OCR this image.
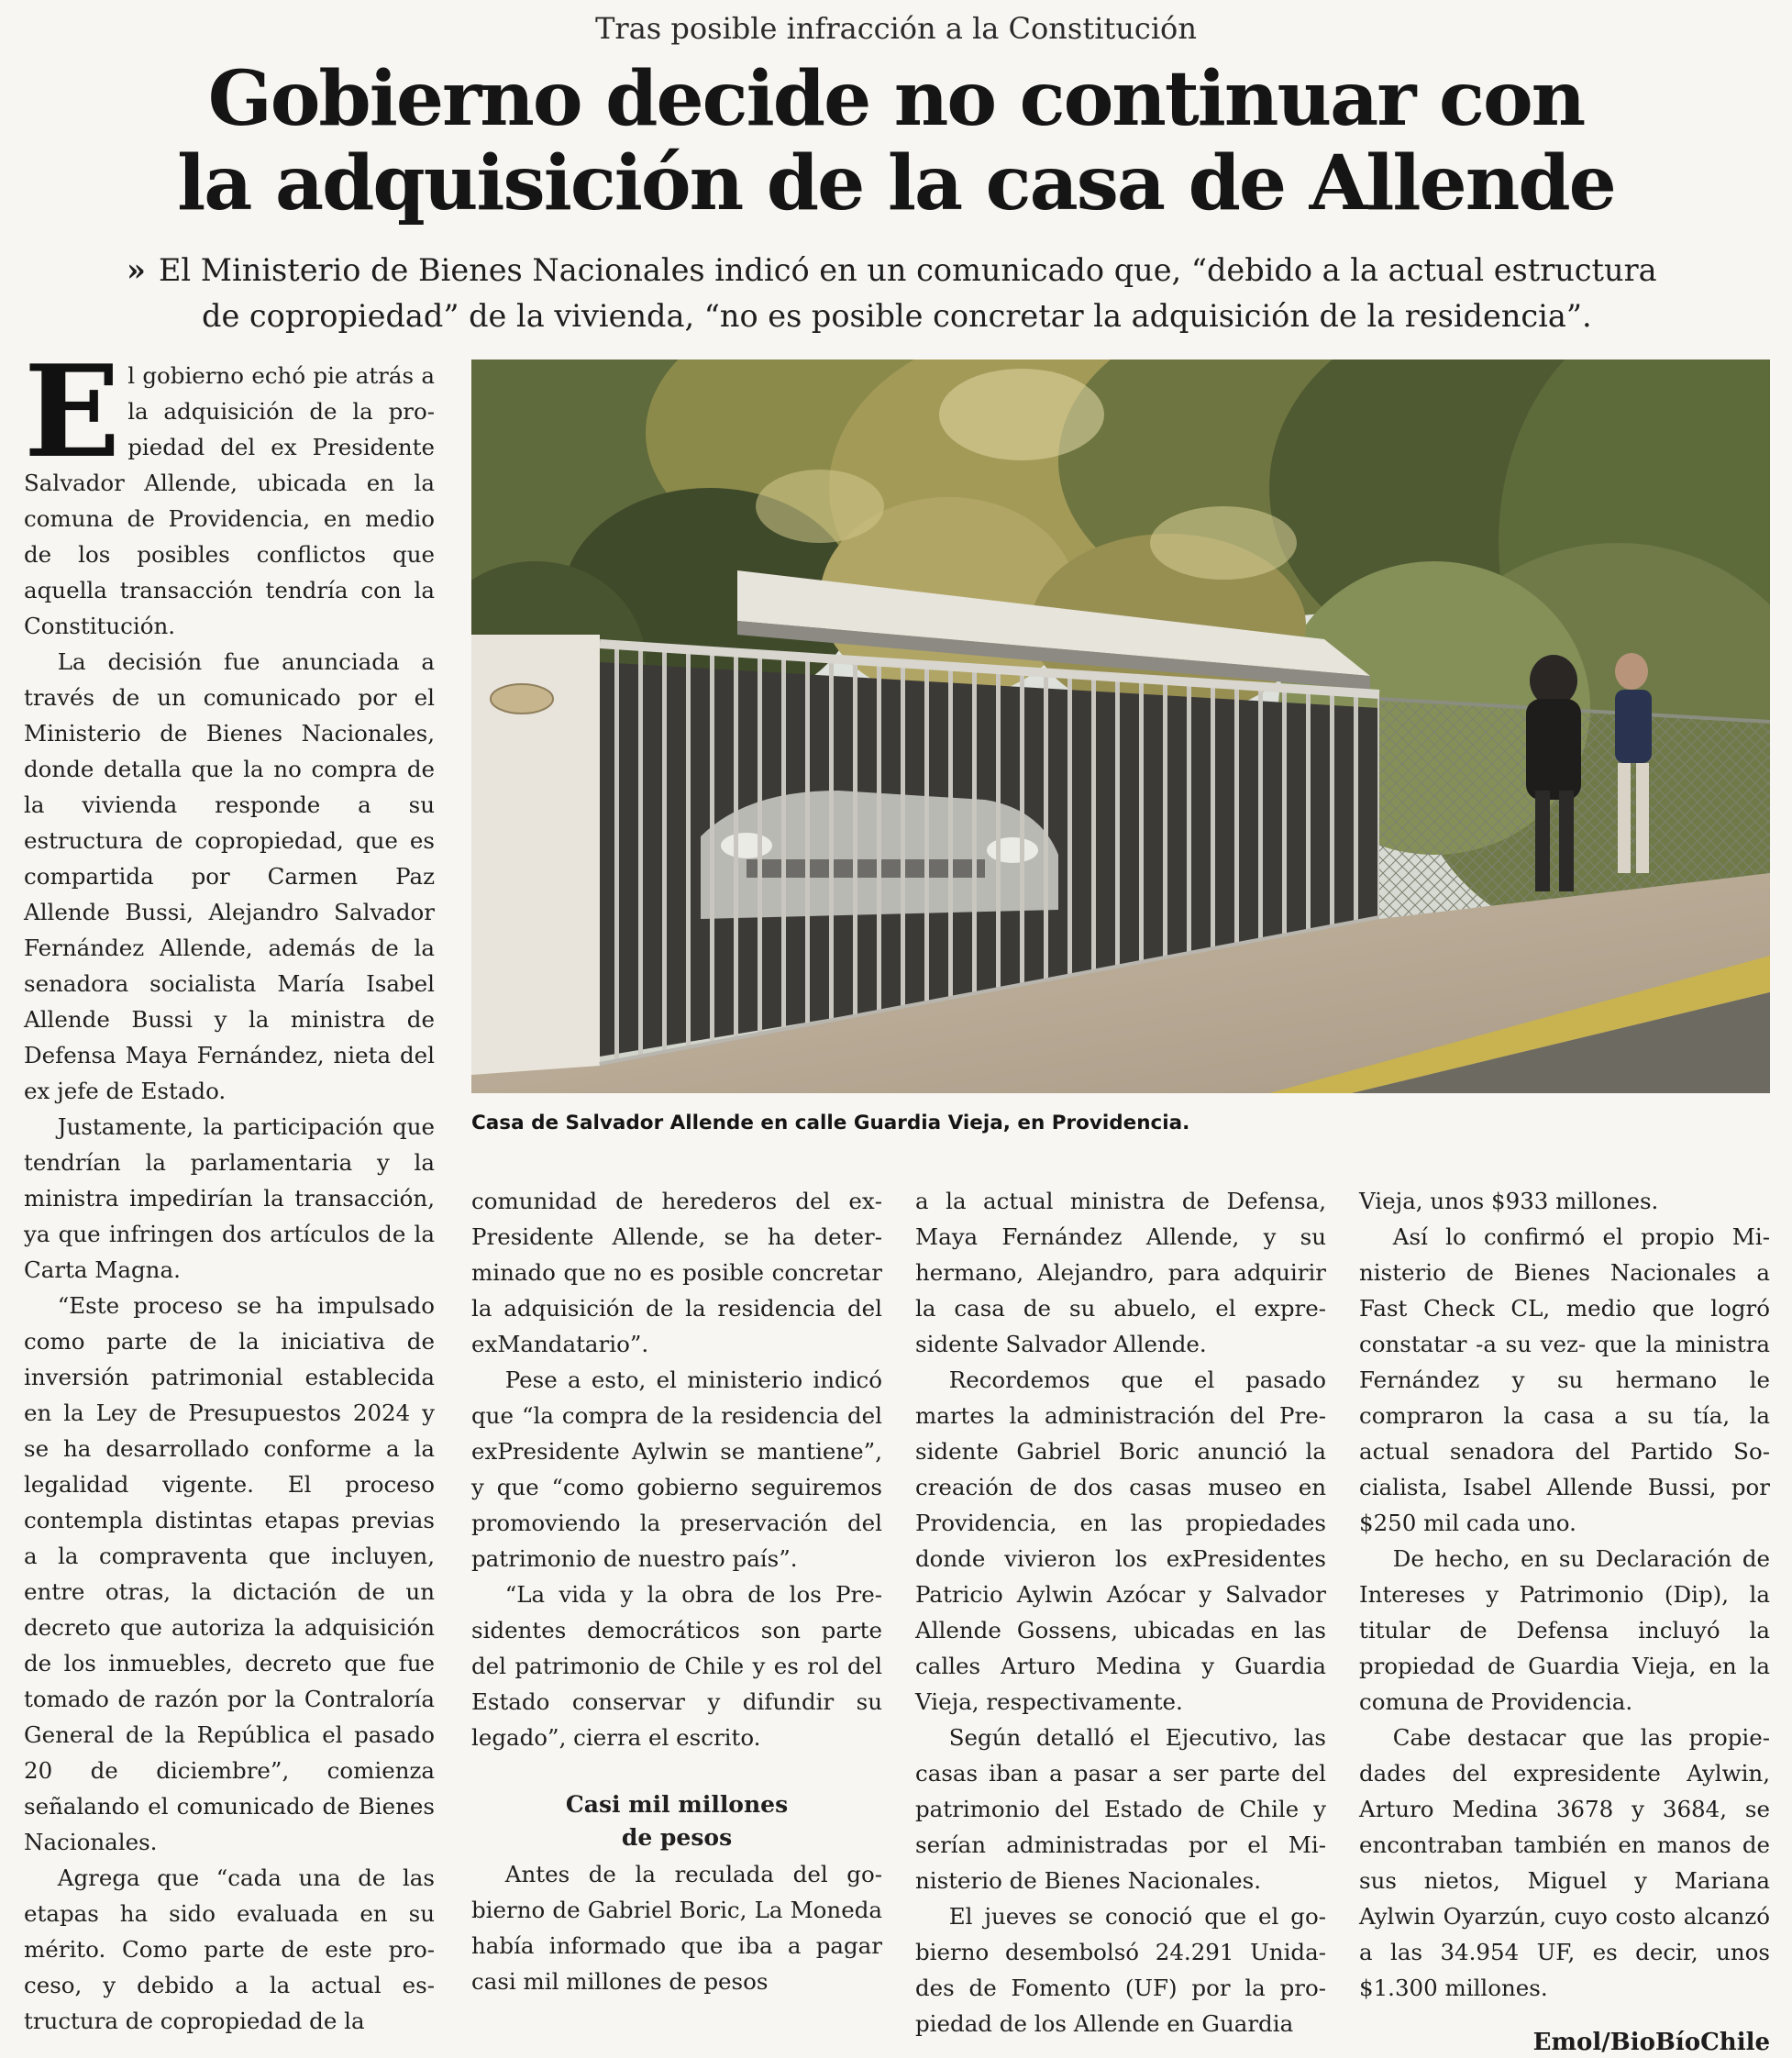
Tras posible infracción a la Constitución
Gobierno decide no continuar con
la adquisición de la casa de Allende
» El Ministerio de Bienes Nacionales indicó en un comunicado que, “debido a la actual estructura
de copropiedad” de la vivienda, “no es posible concretar la adquisición de la residencia”.

El gobierno echó pie atrás a la adquisición de la propiedad del ex Presidente Salvador Allende, ubicada en la comuna de Providencia, en medio de los posibles conflictos que aquella transacción tendría con la Constitución.

La decisión fue anunciada a través de un comunicado por el Ministerio de Bienes Nacionales, donde detalla que la no compra de la vivienda responde a su estructura de copropiedad, que es compartida por Carmen Paz Allende Bussi, Alejandro Salvador Fernández Allende, además de la senadora socialista María Isabel Allende Bussi y la ministra de Defensa Maya Fernández, nieta del ex jefe de Estado.

Justamente, la participación que tendrían la parlamentaria y la ministra impedirían la transacción, ya que infringen dos artículos de la Carta Magna.

“Este proceso se ha impulsado como parte de la iniciativa de inversión patrimonial establecida en la Ley de Presupuestos 2024 y se ha desarrollado conforme a la legalidad vigente. El proceso contempla distintas etapas previas a la compraventa que incluyen, entre otras, la dictación de un decreto que autoriza la adquisición de los inmuebles, decreto que fue tomado de razón por la Contraloría General de la República el pasado 20 de diciembre”, comienza señalando el comunicado de Bienes Nacionales.

Agrega que “cada una de las etapas ha sido evaluada en su mérito. Como parte de este proceso, y debido a la actual estructura de copropiedad de la

Casa de Salvador Allende en calle Guardia Vieja, en Providencia.

comunidad de herederos del exPresidente Allende, se ha determinado que no es posible concretar la adquisición de la residencia del exMandatario”.

Pese a esto, el ministerio indicó que “la compra de la residencia del exPresidente Aylwin se mantiene”, y que “como gobierno seguiremos promoviendo la preservación del patrimonio de nuestro país”.

“La vida y la obra de los Presidentes democráticos son parte del patrimonio de Chile y es rol del Estado conservar y difundir su legado”, cierra el escrito.

Casi mil millones
de pesos

Antes de la reculada del gobierno de Gabriel Boric, La Moneda había informado que iba a pagar casi mil millones de pesos

a la actual ministra de Defensa, Maya Fernández Allende, y su hermano, Alejandro, para adquirir la casa de su abuelo, el expresidente Salvador Allende.

Recordemos que el pasado martes la administración del Presidente Gabriel Boric anunció la creación de dos casas museo en Providencia, en las propiedades donde vivieron los exPresidentes Patricio Aylwin Azócar y Salvador Allende Gossens, ubicadas en las calles Arturo Medina y Guardia Vieja, respectivamente.

Según detalló el Ejecutivo, las casas iban a pasar a ser parte del patrimonio del Estado de Chile y serían administradas por el Ministerio de Bienes Nacionales.

El jueves se conoció que el gobierno desembolsó 24.291 Unidades de Fomento (UF) por la propiedad de los Allende en Guardia

Vieja, unos $933 millones.

Así lo confirmó el propio Ministerio de Bienes Nacionales a Fast Check CL, medio que logró constatar -a su vez- que la ministra Fernández y su hermano le compraron la casa a su tía, la actual senadora del Partido Socialista, Isabel Allende Bussi, por $250 mil cada uno.

De hecho, en su Declaración de Intereses y Patrimonio (Dip), la titular de Defensa incluyó la propiedad de Guardia Vieja, en la comuna de Providencia.

Cabe destacar que las propiedades del expresidente Aylwin, Arturo Medina 3678 y 3684, se encontraban también en manos de sus nietos, Miguel y Mariana Aylwin Oyarzún, cuyo costo alcanzó a las 34.954 UF, es decir, unos $1.300 millones.

Emol/BioBíoChile
